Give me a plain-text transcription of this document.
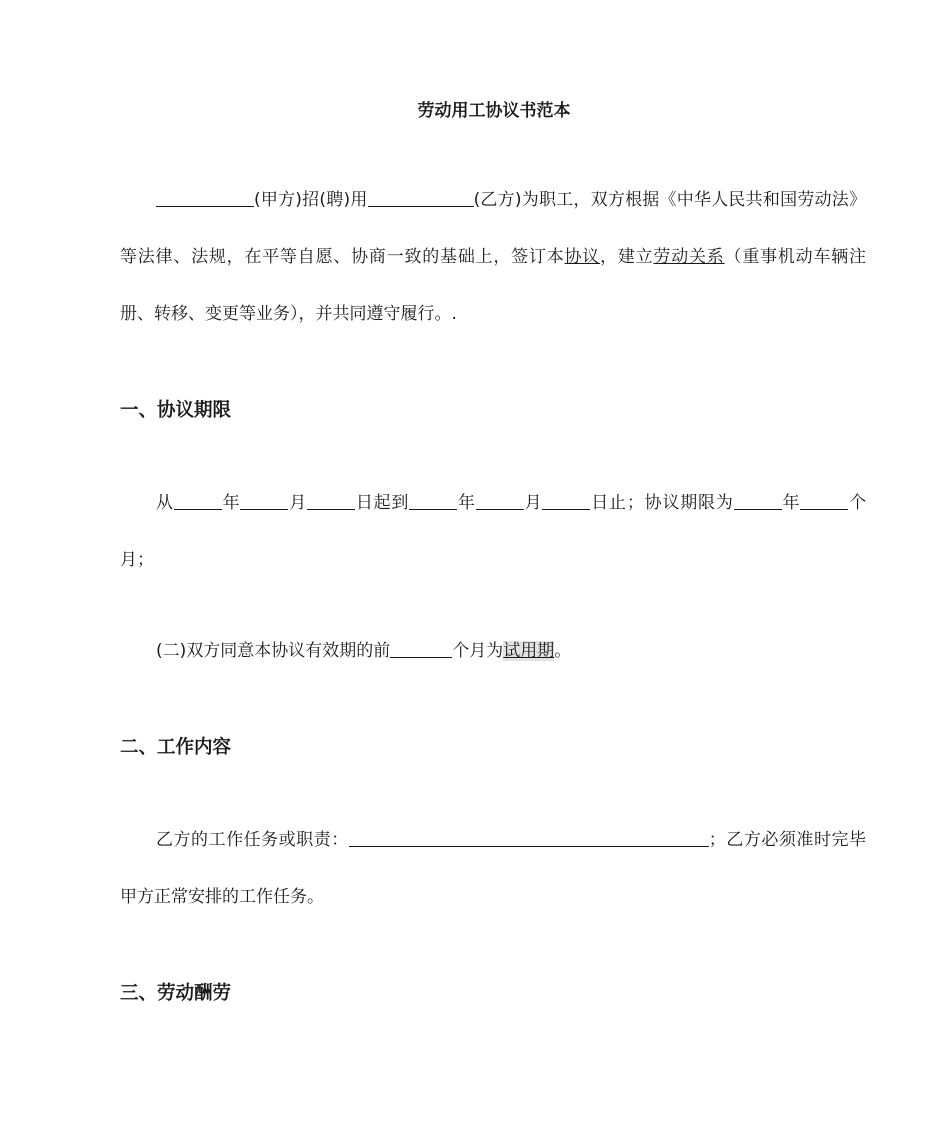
劳动用工协议书范本
(甲方)招(聘)用	(乙方)为职工，双方根据《中华人民共和国劳动法》等法律、法规，在平等自愿、协商一致的基础上，签订本协议，建立劳动关系（重事机动车辆注册、转移、变更等业务），并共同遵守履行。.
一、协议期限
从	年	月	日起到	年	月	日止；协议期限为	年	个月；
(二)双方同意本协议有效期的前	个月为试用期。
二、工作内容
乙方的工作任务或职责：	；乙方必须准时完毕甲方正常安排的工作任务。
三、劳动酬劳
